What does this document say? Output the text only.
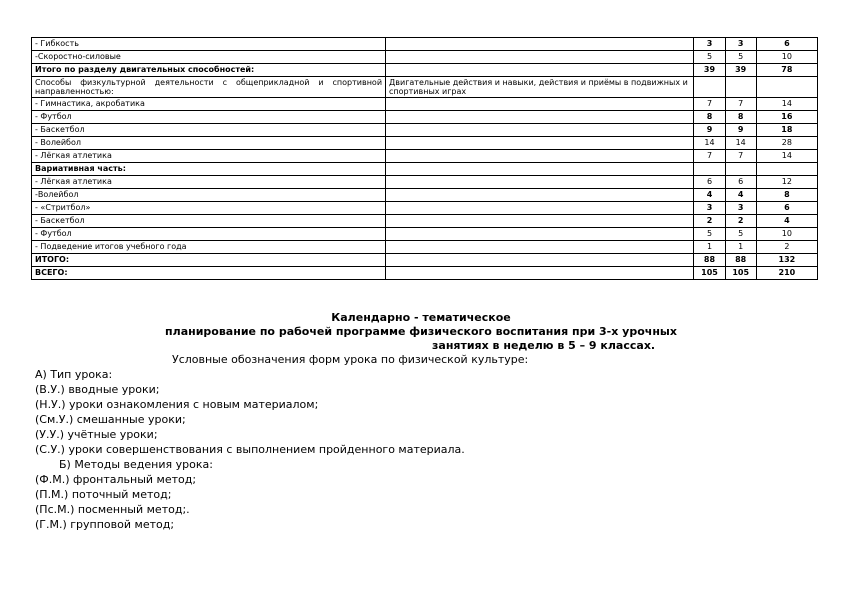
- Гибкость		3	3	6
-Скоростно-силовые		5	5	10
Итого по разделу двигательных способностей:		39	39	78
Способы физкультурной деятельности с общеприкладной и спортивной направленностью:	Двигательные действия и навыки, действия и приёмы в подвижных и спортивных играх			
- Гимнастика, акробатика		7	7	14
- Футбол		8	8	16
- Баскетбол		9	9	18
- Волейбол		14	14	28
- Лёгкая атлетика		7	7	14
Вариативная часть:				
- Лёгкая атлетика		6	6	12
-Волейбол		4	4	8
- «Стритбол»		3	3	6
- Баскетбол		2	2	4
- Футбол		5	5	10
- Подведение итогов учебного года		1	1	2
ИТОГО:		88	88	132
ВСЕГО:		105	105	210
Календарно - тематическое
планирование по рабочей программе физического воспитания при 3-х урочных
занятиях в неделю в 5 – 9 классах.
Условные обозначения форм урока по физической культуре:
А) Тип урока:
(В.У.) вводные уроки;
(Н.У.) уроки ознакомления с новым материалом;
(См.У.) смешанные уроки;
(У.У.) учётные уроки;
(С.У.) уроки совершенствования с выполнением пройденного материала.
Б) Методы ведения урока:
(Ф.М.) фронтальный метод;
(П.М.) поточный метод;
(Пс.М.) посменный метод;.
(Г.М.) групповой метод;
